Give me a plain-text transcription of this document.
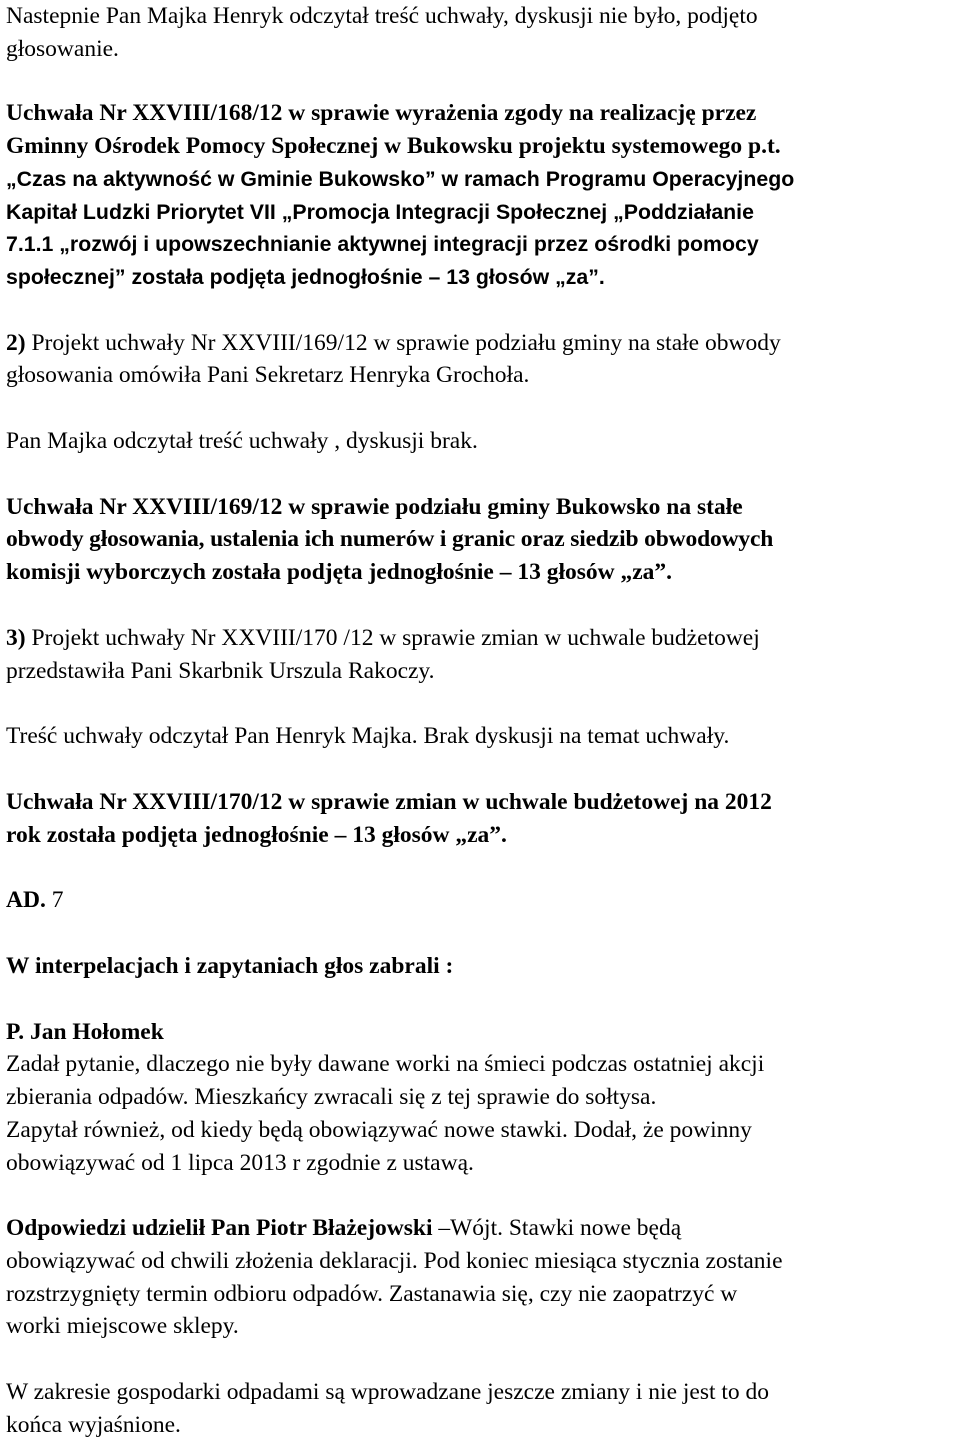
Nastepnie Pan Majka Henryk odczytał treść uchwały, dyskusji nie było, podjęto
głosowanie.

Uchwała Nr XXVIII/168/12 w sprawie wyrażenia zgody na realizację przez
Gminny Ośrodek Pomocy Społecznej w Bukowsku projektu systemowego p.t.
„Czas na aktywność w Gminie Bukowsko” w ramach Programu Operacyjnego
Kapitał Ludzki Priorytet VII „Promocja Integracji Społecznej „Poddziałanie
7.1.1 „rozwój i upowszechnianie aktywnej integracji przez ośrodki pomocy
społecznej” została podjęta jednogłośnie – 13 głosów „za”.

2) Projekt uchwały Nr XXVIII/169/12 w sprawie podziału gminy na stałe obwody
głosowania omówiła Pani Sekretarz Henryka Grochoła.

Pan Majka odczytał treść uchwały , dyskusji brak.

Uchwała Nr XXVIII/169/12 w sprawie podziału gminy Bukowsko na stałe
obwody głosowania, ustalenia ich numerów i granic oraz siedzib obwodowych
komisji wyborczych została podjęta jednogłośnie – 13 głosów „za”.

3) Projekt uchwały Nr XXVIII/170 /12 w sprawie zmian w uchwale budżetowej
przedstawiła Pani Skarbnik Urszula Rakoczy.

Treść uchwały odczytał Pan Henryk Majka. Brak dyskusji na temat uchwały.

Uchwała Nr XXVIII/170/12 w sprawie zmian w uchwale budżetowej na 2012
rok została podjęta jednogłośnie – 13 głosów „za”.

AD. 7

W interpelacjach i zapytaniach głos zabrali :

P. Jan Hołomek
Zadał pytanie, dlaczego nie były dawane worki na śmieci podczas ostatniej akcji
zbierania odpadów. Mieszkańcy zwracali się z tej sprawie do sołtysa.
Zapytał również, od kiedy będą obowiązywać nowe stawki. Dodał, że powinny
obowiązywać od 1 lipca 2013 r zgodnie z ustawą.

Odpowiedzi udzielił Pan Piotr Błażejowski –Wójt. Stawki nowe będą
obowiązywać od chwili złożenia deklaracji. Pod koniec miesiąca stycznia zostanie
rozstrzygnięty termin odbioru odpadów. Zastanawia się, czy nie zaopatrzyć w
worki miejscowe sklepy.

W zakresie gospodarki odpadami są wprowadzane jeszcze zmiany i nie jest to do
końca wyjaśnione.
